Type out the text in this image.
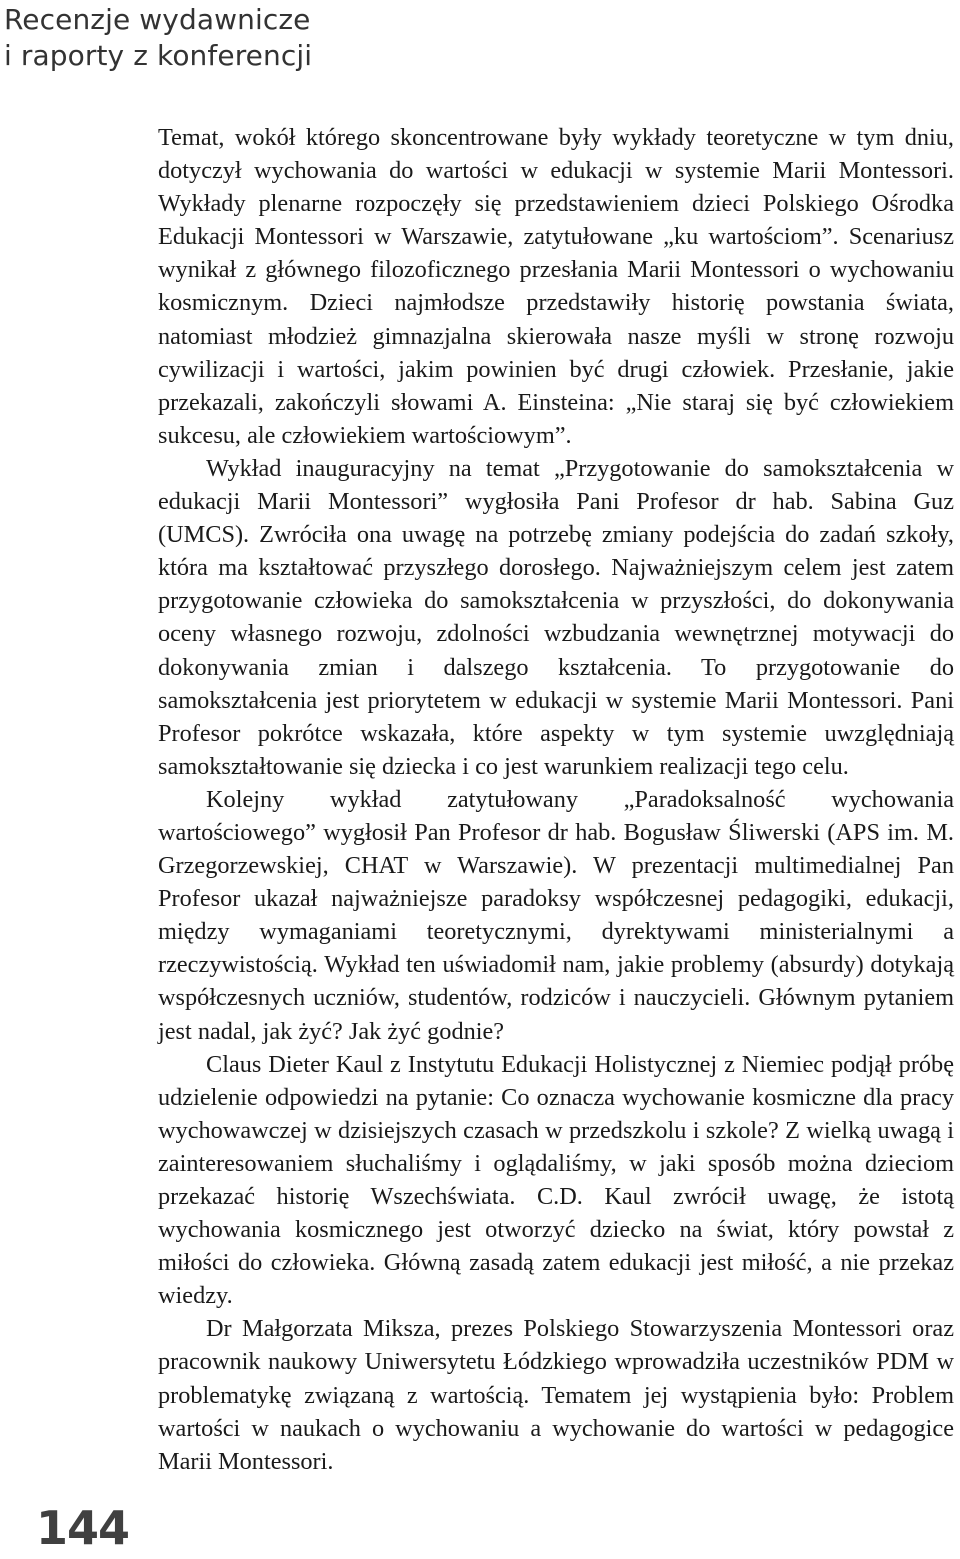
Recenzje wydawnicze
i raporty z konferencji

Temat, wokół którego skoncentrowane były wykłady teoretyczne w tym dniu, dotyczył wychowania do wartości w edukacji w systemie Marii Montessori. Wykłady plenarne rozpoczęły się przedstawieniem dzieci Polskiego Ośrodka Edukacji Montessori w Warszawie, zatytułowane „ku wartościom”. Scenariusz wynikał z głównego filozoficznego przesłania Marii Montessori o wychowaniu kosmicznym. Dzieci najmłodsze przedstawiły historię powstania świata, natomiast młodzież gimnazjalna skierowała nasze myśli w stronę rozwoju cywilizacji i wartości, jakim powinien być drugi człowiek. Przesłanie, jakie przekazali, zakończyli słowami A. Einsteina: „Nie staraj się być człowiekiem sukcesu, ale człowiekiem wartościowym”.

Wykład inauguracyjny na temat „Przygotowanie do samokształcenia w edukacji Marii Montessori” wygłosiła Pani Profesor dr hab. Sabina Guz (UMCS). Zwróciła ona uwagę na potrzebę zmiany podejścia do zadań szkoły, która ma kształtować przyszłego dorosłego. Najważniejszym celem jest zatem przygotowanie człowieka do samokształcenia w przyszłości, do dokonywania oceny własnego rozwoju, zdolności wzbudzania wewnętrznej motywacji do dokonywania zmian i dalszego kształcenia. To przygotowanie do samokształcenia jest priorytetem w edukacji w systemie Marii Montessori. Pani Profesor pokrótce wskazała, które aspekty w tym systemie uwzględniają samokształtowanie się dziecka i co jest warunkiem realizacji tego celu.

Kolejny wykład zatytułowany „Paradoksalność wychowania wartościowego” wygłosił Pan Profesor dr hab. Bogusław Śliwerski (APS im. M. Grzegorzewskiej, CHAT w Warszawie). W prezentacji multimedialnej Pan Profesor ukazał najważniejsze paradoksy współczesnej pedagogiki, edukacji, między wymaganiami teoretycznymi, dyrektywami ministerialnymi a rzeczywistością. Wykład ten uświadomił nam, jakie problemy (absurdy) dotykają współczesnych uczniów, studentów, rodziców i nauczycieli. Głównym pytaniem jest nadal, jak żyć? Jak żyć godnie?

Claus Dieter Kaul z Instytutu Edukacji Holistycznej z Niemiec podjął próbę udzielenie odpowiedzi na pytanie: Co oznacza wychowanie kosmiczne dla pracy wychowawczej w dzisiejszych czasach w przedszkolu i szkole? Z wielką uwagą i zainteresowaniem słuchaliśmy i oglądaliśmy, w jaki sposób można dzieciom przekazać historię Wszechświata. C.D. Kaul zwrócił uwagę, że istotą wychowania kosmicznego jest otworzyć dziecko na świat, który powstał z miłości do człowieka. Główną zasadą zatem edukacji jest miłość, a nie przekaz wiedzy.

Dr Małgorzata Miksza, prezes Polskiego Stowarzyszenia Montessori oraz pracownik naukowy Uniwersytetu Łódzkiego wprowadziła uczestników PDM w problematykę związaną z wartością. Tematem jej wystąpienia było: Problem wartości w naukach o wychowaniu a wychowanie do wartości w pedagogice Marii Montessori.

144
